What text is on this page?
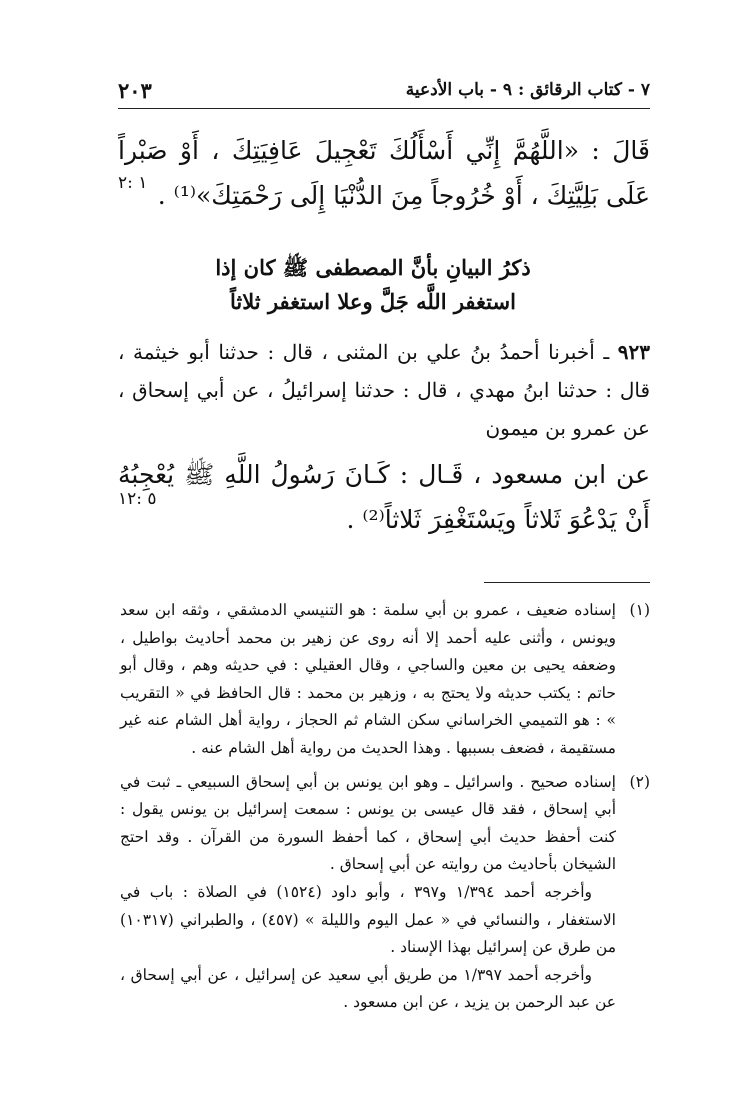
٢٠٣	٧ - كتاب الرقائق : ٩ - باب الأدعية
قَالَ : «اللَّهُمَّ إِنِّي أَسْأَلُكَ تَعْجِيلَ عَافِيَتِكَ ، أَوْ صَبْراً عَلَى بَلِيَّتِكَ ، أَوْ خُرُوجاً مِنَ الدُّنْيَا إِلَى رَحْمَتِكَ»⁽¹⁾ .
١ :٢
ذكرُ البيانِ بأنَّ المصطفى ﷺ كان إذا
استغفر اللَّه جَلَّ وعلا استغفر ثلاثاً
٩٢٣ ـ أخبرنا أحمدُ بنُ علي بن المثنى ، قال : حدثنا أبو خيثمة ، قال : حدثنا ابنُ مهدي ، قال : حدثنا إسرائيلُ ، عن أبي إسحاق ، عن عمرو بن ميمون
عن ابن مسعود ، قَـال : كَـانَ رَسُولُ اللَّهِ ﷺ يُعْجِبُهُ أَنْ يَدْعُوَ ثَلاثاً ويَسْتَغْفِرَ ثَلاثاً⁽²⁾ .
٥ :١٢
(١)

إسناده ضعيف ، عمرو بن أبي سلمة : هو التنيسي الدمشقي ، وثقه ابن سعد ويونس ، وأثنى عليه أحمد إلا أنه روى عن زهير بن محمد أحاديث بواطيل ، وضعفه يحيى بن معين والساجي ، وقال العقيلي : في حديثه وهم ، وقال أبو حاتم : يكتب حديثه ولا يحتج به ، وزهير بن محمد : قال الحافظ في « التقريب » : هو التميمي الخراساني سكن الشام ثم الحجاز ، رواية أهل الشام عنه غير مستقيمة ، فضعف بسببها . وهذا الحديث من رواية أهل الشام عنه .

(٢)

إسناده صحيح . واسرائيل ـ وهو ابن يونس بن أبي إسحاق السبيعي ـ ثبت في أبي إسحاق ، فقد قال عيسى بن يونس : سمعت إسرائيل بن يونس يقول : كنت أحفظ حديث أبي إسحاق ، كما أحفظ السورة من القرآن . وقد احتج الشيخان بأحاديث من روايته عن أبي إسحاق .

وأخرجه أحمد ١/٣٩٤ و٣٩٧ ، وأبو داود (١٥٢٤) في الصلاة : باب في الاستغفار ، والنسائي في « عمل اليوم والليلة » (٤٥٧) ، والطبراني (١٠٣١٧) من طرق عن إسرائيل بهذا الإسناد .

وأخرجه أحمد ١/٣٩٧ من طريق أبي سعيد عن إسرائيل ، عن أبي إسحاق ، عن عبد الرحمن بن يزيد ، عن ابن مسعود .
